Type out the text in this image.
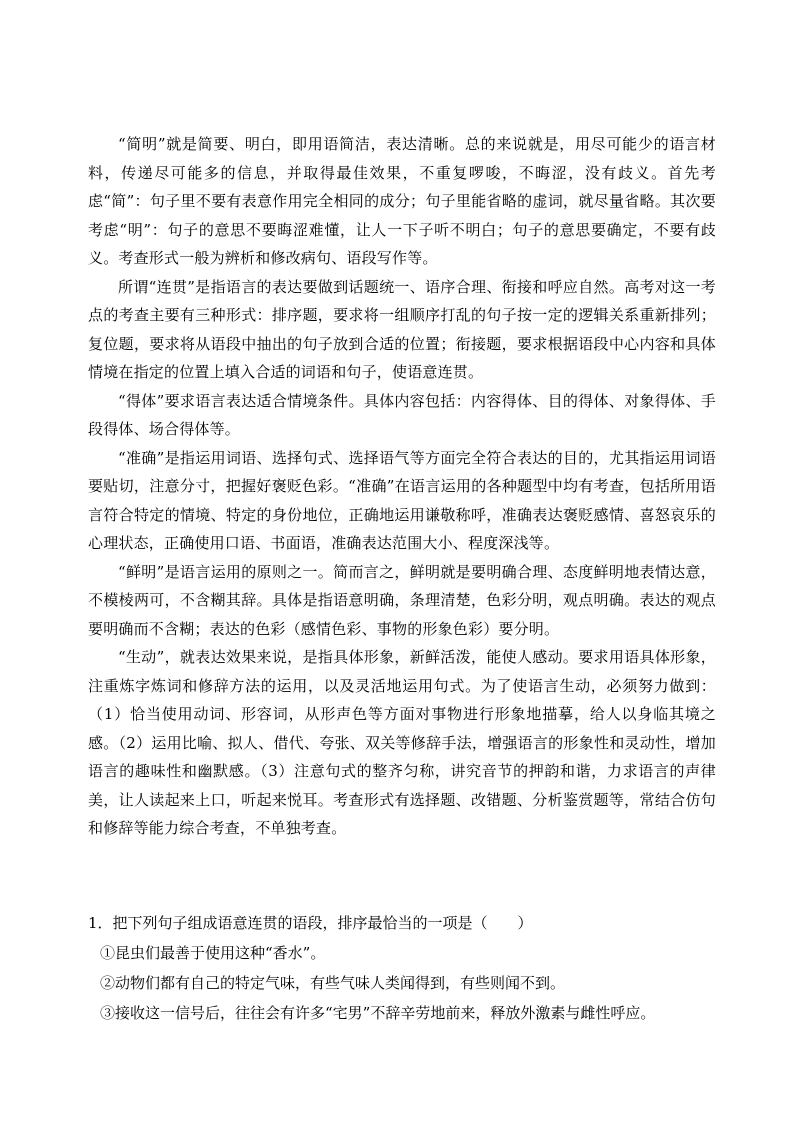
“简明”就是简要、明白，即用语简洁，表达清晰。总的来说就是，用尽可能少的语言材料，传递尽可能多的信息，并取得最佳效果，不重复啰唆，不晦涩，没有歧义。首先考虑“简”：句子里不要有表意作用完全相同的成分；句子里能省略的虚词，就尽量省略。其次要考虑“明”：句子的意思不要晦涩难懂，让人一下子听不明白；句子的意思要确定，不要有歧义。考查形式一般为辨析和修改病句、语段写作等。

所谓“连贯”是指语言的表达要做到话题统一、语序合理、衔接和呼应自然。高考对这一考点的考查主要有三种形式：排序题，要求将一组顺序打乱的句子按一定的逻辑关系重新排列；复位题，要求将从语段中抽出的句子放到合适的位置；衔接题，要求根据语段中心内容和具体情境在指定的位置上填入合适的词语和句子，使语意连贯。

“得体”要求语言表达适合情境条件。具体内容包括：内容得体、目的得体、对象得体、手段得体、场合得体等。

“准确”是指运用词语、选择句式、选择语气等方面完全符合表达的目的，尤其指运用词语要贴切，注意分寸，把握好褒贬色彩。“准确”在语言运用的各种题型中均有考查，包括所用语言符合特定的情境、特定的身份地位，正确地运用谦敬称呼，准确表达褒贬感情、喜怒哀乐的心理状态，正确使用口语、书面语，准确表达范围大小、程度深浅等。

“鲜明”是语言运用的原则之一。简而言之，鲜明就是要明确合理、态度鲜明地表情达意，不模棱两可，不含糊其辞。具体是指语意明确，条理清楚，色彩分明，观点明确。表达的观点要明确而不含糊；表达的色彩（感情色彩、事物的形象色彩）要分明。

“生动”，就表达效果来说，是指具体形象，新鲜活泼，能使人感动。要求用语具体形象，注重炼字炼词和修辞方法的运用，以及灵活地运用句式。为了使语言生动，必须努力做到：（1）恰当使用动词、形容词，从形声色等方面对事物进行形象地描摹，给人以身临其境之感。（2）运用比喻、拟人、借代、夸张、双关等修辞手法，增强语言的形象性和灵动性，增加语言的趣味性和幽默感。（3）注意句式的整齐匀称，讲究音节的押韵和谐，力求语言的声律美，让人读起来上口，听起来悦耳。考查形式有选择题、改错题、分析鉴赏题等，常结合仿句和修辞等能力综合考查，不单独考查。

1．把下列句子组成语意连贯的语段，排序最恰当的一项是（　　）

①昆虫们最善于使用这种“香水”。

②动物们都有自己的特定气味，有些气味人类闻得到，有些则闻不到。

③接收这一信号后，往往会有许多“宅男”不辞辛劳地前来，释放外激素与雌性呼应。
